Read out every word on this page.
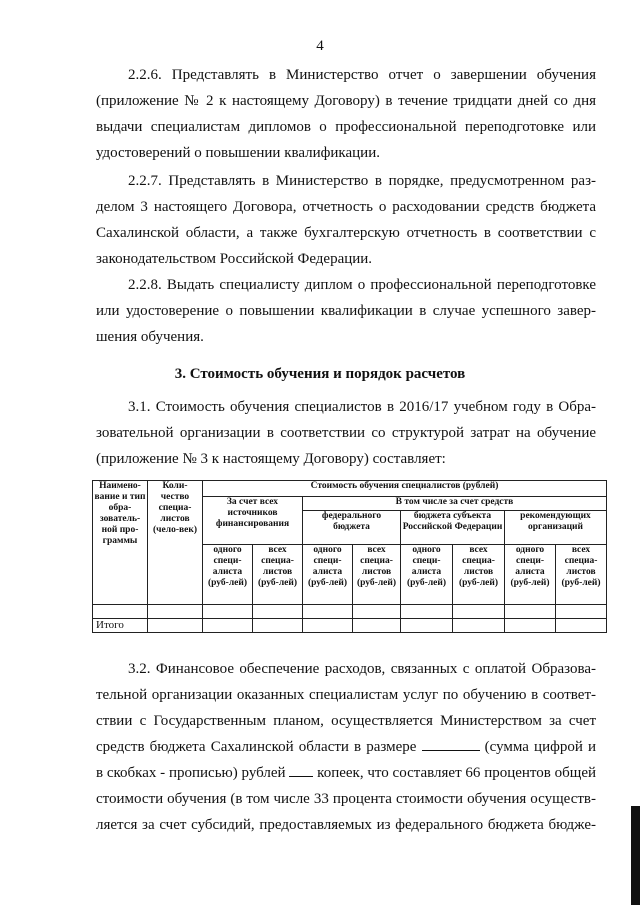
4
2.2.6. Представлять в Министерство отчет о завершении обучения
(приложение № 2 к настоящему Договору) в течение тридцати дней со дня
выдачи специалистам дипломов о профессиональной переподготовке или
удостоверений о повышении квалификации.
2.2.7. Представлять в Министерство в порядке, предусмотренном раз-
делом 3 настоящего Договора, отчетность о расходовании средств бюджета
Сахалинской области, а также бухгалтерскую отчетность в соответствии с
законодательством Российской Федерации.
2.2.8. Выдать специалисту диплом о профессиональной переподготовке
или удостоверение о повышении квалификации в случае успешного завер-
шения обучения.
3. Стоимость обучения и порядок расчетов
3.1. Стоимость обучения специалистов в 2016/17 учебном году в Обра-
зовательной организации в соответствии со структурой затрат на обучение
(приложение № 3 к настоящему Договору) составляет:
Наимено-вание и тип обра-зователь-ной про-граммы	Коли-чество специа-листов (чело-век)	Стоимость обучения специалистов (рублей)							
		За счет всех источников финансирования		В том числе за счет средств					
				федерального бюджета		бюджета субъекта Российской Федерации		рекомендующих организаций	
		одного специ-алиста (руб-лей)	всех специа-листов (руб-лей)	одного специ-алиста (руб-лей)	всех специа-листов (руб-лей)	одного специ-алиста (руб-лей)	всех специа-листов (руб-лей)	одного специ-алиста (руб-лей)	всех специа-листов (руб-лей)

Итого									
3.2. Финансовое обеспечение расходов, связанных с оплатой Образова-
тельной организации оказанных специалистам услуг по обучению в соответ-
ствии с Государственным планом, осуществляется Министерством за счет
средств бюджета Сахалинской области в размере	(сумма цифрой и
в скобках - прописью) рублей копеек, что составляет 66 процентов общей
стоимости обучения (в том числе 33 процента стоимости обучения осуществ-
ляется за счет субсидий, предоставляемых из федерального бюджета бюдже-
